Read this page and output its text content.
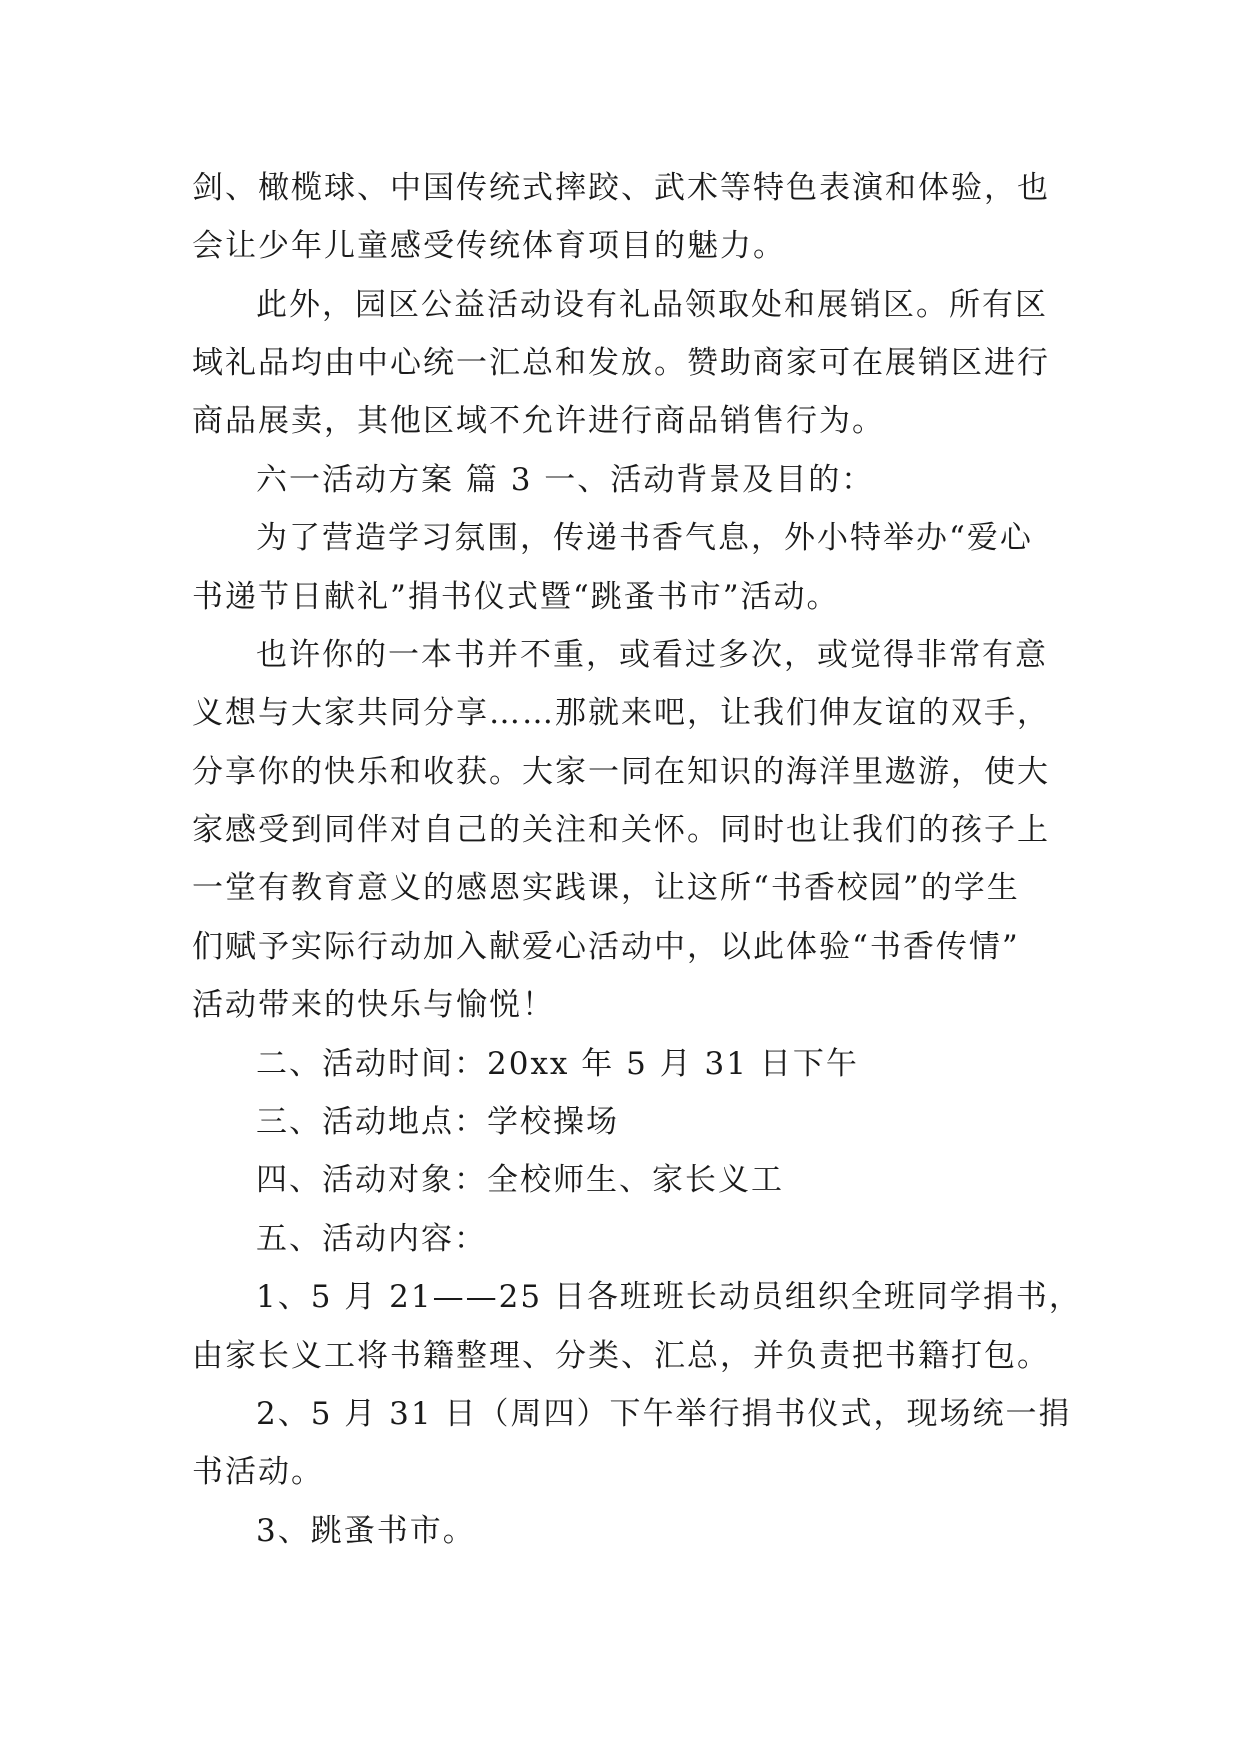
剑、橄榄球、中国传统式摔跤、武术等特色表演和体验，也
会让少年儿童感受传统体育项目的魅力。
此外，园区公益活动设有礼品领取处和展销区。所有区
域礼品均由中心统一汇总和发放。赞助商家可在展销区进行
商品展卖，其他区域不允许进行商品销售行为。
六一活动方案 篇 3 一、活动背景及目的：
为了营造学习氛围，传递书香气息，外小特举办“爱心
书递节日献礼”捐书仪式暨“跳蚤书市”活动。
也许你的一本书并不重，或看过多次，或觉得非常有意
义想与大家共同分享……那就来吧，让我们伸友谊的双手，
分享你的快乐和收获。大家一同在知识的海洋里遨游，使大
家感受到同伴对自己的关注和关怀。同时也让我们的孩子上
一堂有教育意义的感恩实践课，让这所“书香校园”的学生
们赋予实际行动加入献爱心活动中，以此体验“书香传情”
活动带来的快乐与愉悦！
二、活动时间：20xx 年 5 月 31 日下午
三、活动地点：学校操场
四、活动对象：全校师生、家长义工
五、活动内容：
1、5 月 21——25 日各班班长动员组织全班同学捐书，
由家长义工将书籍整理、分类、汇总，并负责把书籍打包。
2、5 月 31 日（周四）下午举行捐书仪式，现场统一捐
书活动。
3、跳蚤书市。
